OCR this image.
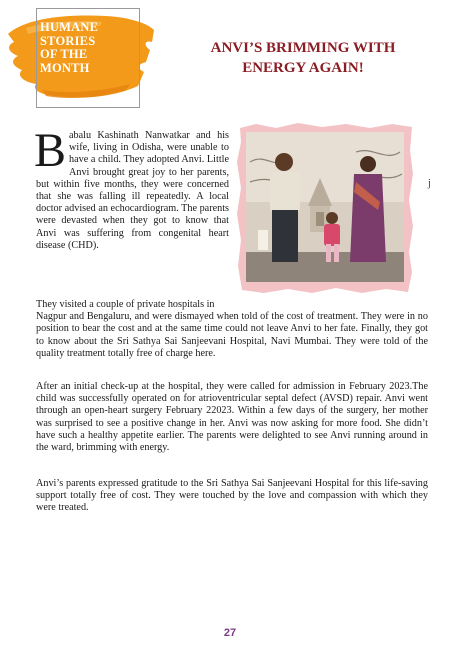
HUMANE
STORIES
OF THE
MONTH
ANVI’S BRIMMING WITH
ENERGY AGAIN!
j
Babalu Kashinath Nanwatkar and his wife, living in Odisha, were unable to have a child. They adopted Anvi. Little Anvi brought great joy to her parents, but within five months, they were concerned that she was falling ill repeatedly. A local doctor advised an echocardiogram. The parents were devasted when they got to know that Anvi was suffering from congenital heart disease (CHD).
They visited a couple of private hospitals in
Nagpur and Bengaluru, and were dismayed when told of the cost of treatment. They were in no position to bear the cost and at the same time could not leave Anvi to her fate. Finally, they got to know about the Sri Sathya Sai Sanjeevani Hospital, Navi Mumbai. They were told of the quality treatment totally free of charge here.
After an initial check-up at the hospital, they were called for admission in February 2023.The child was successfully operated on for atrioventricular septal defect (AVSD) repair. Anvi went through an open-heart surgery February 22023. Within a few days of the surgery, her mother was surprised to see a positive change in her. Anvi was now asking for more food. She didn’t have such a healthy appetite earlier. The parents were delighted to see Anvi running around in the ward, brimming with energy.
Anvi’s parents expressed gratitude to the Sri Sathya Sai Sanjeevani Hospital for this life-saving support totally free of cost. They were touched by the love and compassion with which they were treated.
27
